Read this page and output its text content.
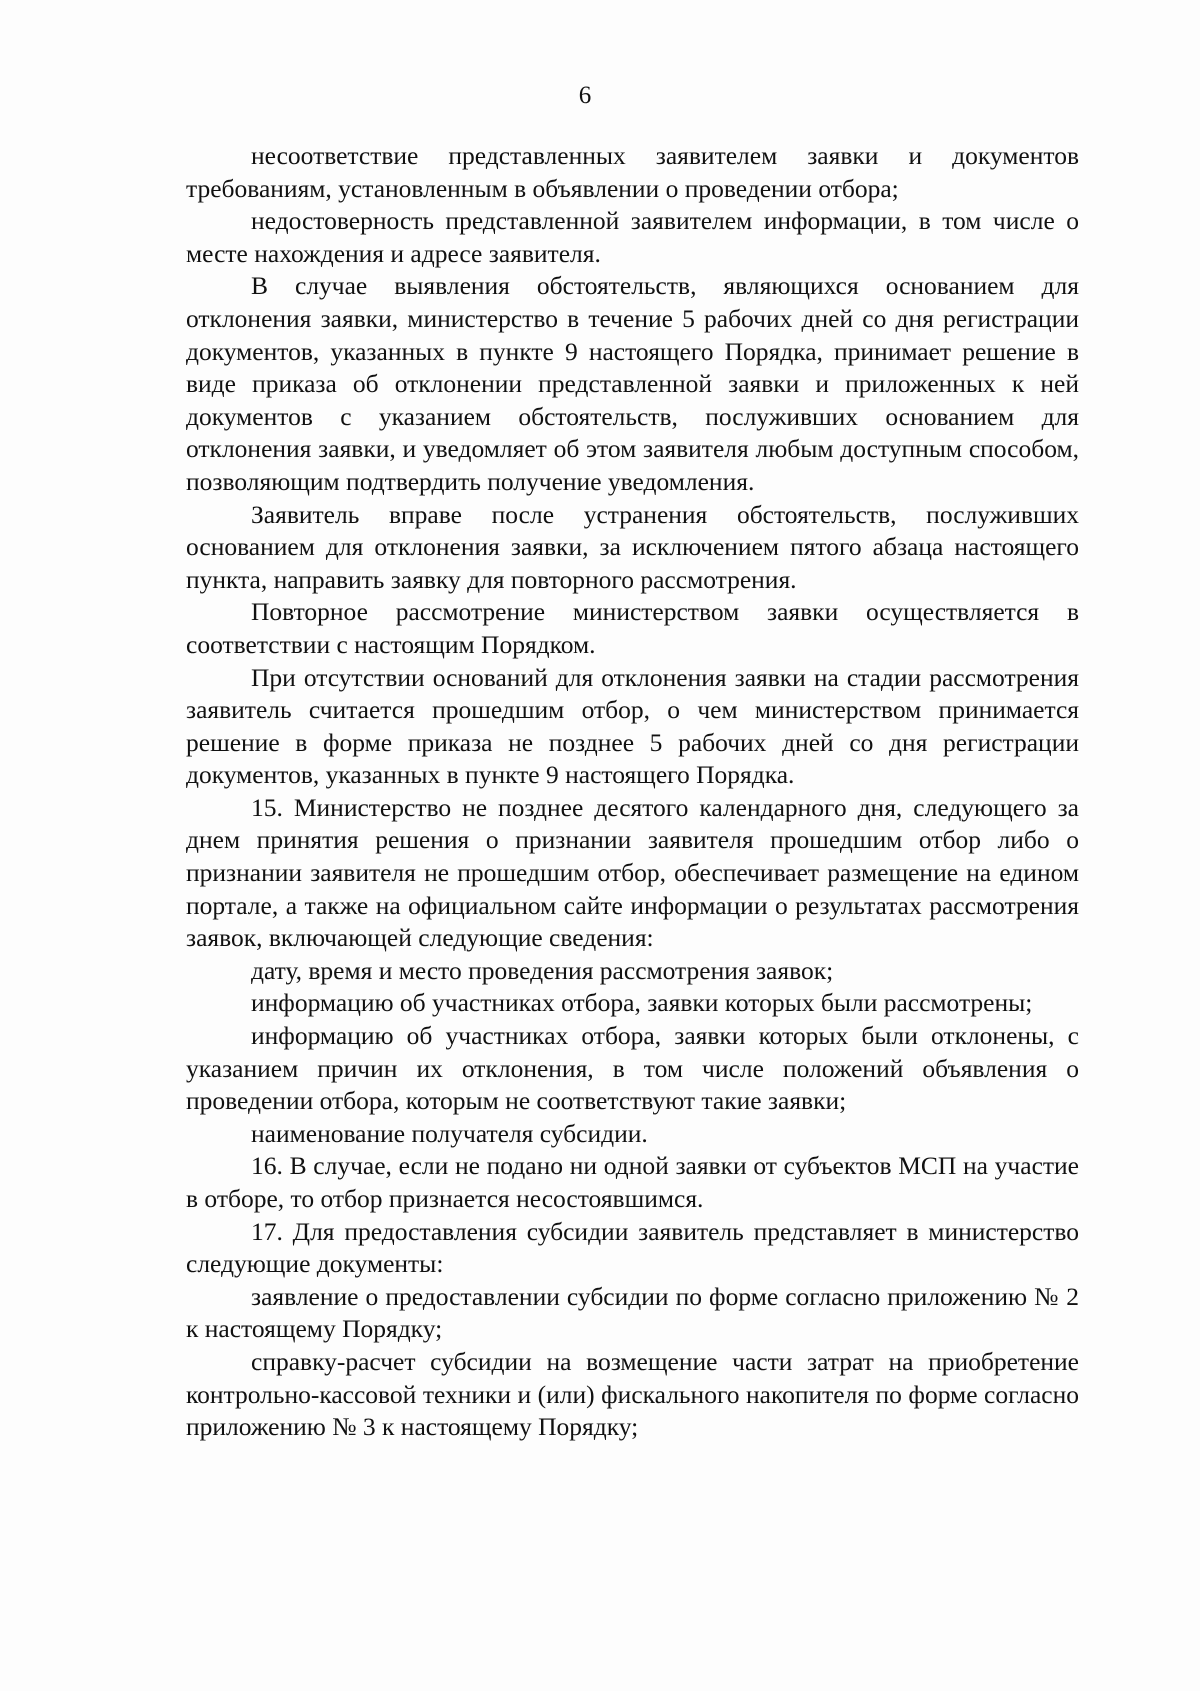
6

несоответствие представленных заявителем заявки и документов требованиям, установленным в объявлении о проведении отбора;

недостоверность представленной заявителем информации, в том числе о месте нахождения и адресе заявителя.

В случае выявления обстоятельств, являющихся основанием для отклонения заявки, министерство в течение 5 рабочих дней со дня регистрации документов, указанных в пункте 9 настоящего Порядка, принимает решение в виде приказа об отклонении представленной заявки и приложенных к ней документов с указанием обстоятельств, послуживших основанием для отклонения заявки, и уведомляет об этом заявителя любым доступным способом, позволяющим подтвердить получение уведомления.

Заявитель вправе после устранения обстоятельств, послуживших основанием для отклонения заявки, за исключением пятого абзаца настоящего пункта, направить заявку для повторного рассмотрения.

Повторное рассмотрение министерством заявки осуществляется в соответствии с настоящим Порядком.

При отсутствии оснований для отклонения заявки на стадии рассмотрения заявитель считается прошедшим отбор, о чем министерством принимается решение в форме приказа не позднее 5 рабочих дней со дня регистрации документов, указанных в пункте 9 настоящего Порядка.

15. Министерство не позднее десятого календарного дня, следующего за днем принятия решения о признании заявителя прошедшим отбор либо о признании заявителя не прошедшим отбор, обеспечивает размещение на едином портале, а также на официальном сайте информации о результатах рассмотрения заявок, включающей следующие сведения:

дату, время и место проведения рассмотрения заявок;

информацию об участниках отбора, заявки которых были рассмотрены;

информацию об участниках отбора, заявки которых были отклонены, с указанием причин их отклонения, в том числе положений объявления о проведении отбора, которым не соответствуют такие заявки;

наименование получателя субсидии.

16. В случае, если не подано ни одной заявки от субъектов МСП на участие в отборе, то отбор признается несостоявшимся.

17. Для предоставления субсидии заявитель представляет в министерство следующие документы:

заявление о предоставлении субсидии по форме согласно приложению № 2 к настоящему Порядку;

справку-расчет субсидии на возмещение части затрат на приобретение контрольно-кассовой техники и (или) фискального накопителя по форме согласно приложению № 3 к настоящему Порядку;
